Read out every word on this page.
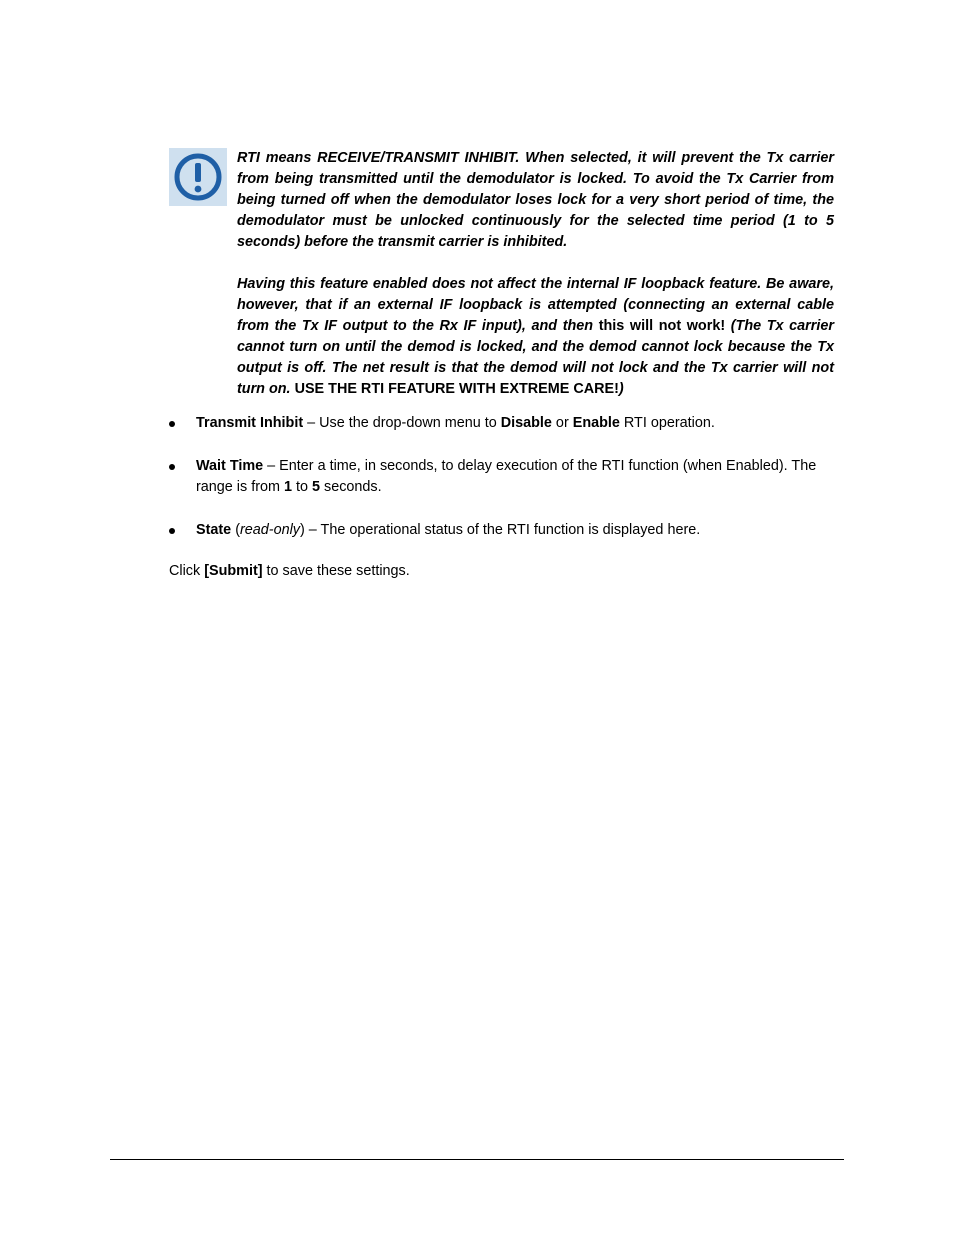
RTI means RECEIVE/TRANSMIT INHIBIT. When selected, it will prevent the Tx carrier from being transmitted until the demodulator is locked. To avoid the Tx Carrier from being turned off when the demodulator loses lock for a very short period of time, the demodulator must be unlocked continuously for the selected time period (1 to 5 seconds) before the transmit carrier is inhibited.

Having this feature enabled does not affect the internal IF loopback feature. Be aware, however, that if an external IF loopback is attempted (connecting an external cable from the Tx IF output to the Rx IF input), and then this will not work! (The Tx carrier cannot turn on until the demod is locked, and the demod cannot lock because the Tx output is off. The net result is that the demod will not lock and the Tx carrier will not turn on. USE THE RTI FEATURE WITH EXTREME CARE!)

Transmit Inhibit – Use the drop-down menu to Disable or Enable RTI operation.
Wait Time – Enter a time, in seconds, to delay execution of the RTI function (when Enabled). The range is from 1 to 5 seconds.
State (read-only) – The operational status of the RTI function is displayed here.

Click [Submit] to save these settings.
